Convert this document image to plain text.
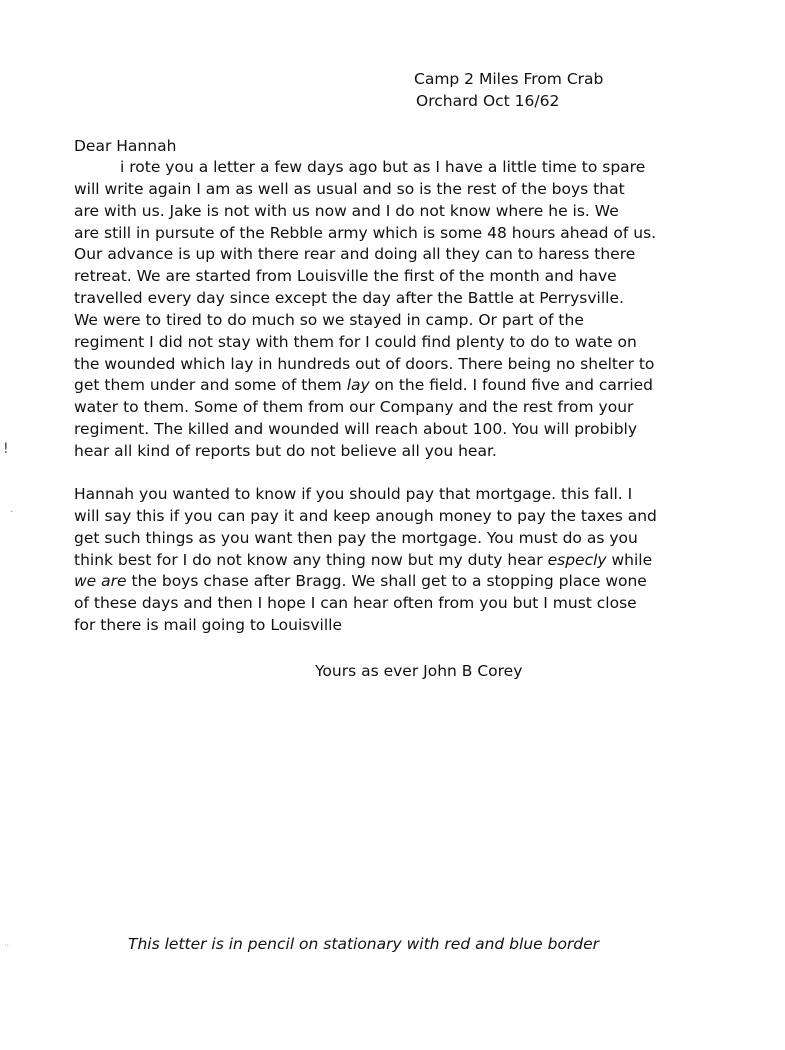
Camp 2 Miles From Crab
Orchard Oct 16/62
Dear Hannah
i rote you a letter a few days ago but as I have a little time to spare
will write again I am as well as usual and so is the rest of the boys that
are with us. Jake is not with us now and I do not know where he is. We
are still in pursute of the Rebble army which is some 48 hours ahead of us.
Our advance is up with there rear and doing all they can to haress there
retreat. We are started from Louisville the first of the month and have
travelled every day since except the day after the Battle at Perrysville.
We were to tired to do much so we stayed in camp. Or part of the
regiment I did not stay with them for I could find plenty to do to wate on
the wounded which lay in hundreds out of doors. There being no shelter to
get them under and some of them lay on the field. I found five and carried
water to them. Some of them from our Company and the rest from your
regiment. The killed and wounded will reach about 100. You will probibly
hear all kind of reports but do not believe all you hear.
Hannah you wanted to know if you should pay that mortgage. this fall. I
will say this if you can pay it and keep anough money to pay the taxes and
get such things as you want then pay the mortgage. You must do as you
think best for I do not know any thing now but my duty hear especly while
we are the boys chase after Bragg. We shall get to a stopping place wone
of these days and then I hope I can hear often from you but I must close
for there is mail going to Louisville
Yours as ever John B Corey
This letter is in pencil on stationary with red and blue border
!
·
··
